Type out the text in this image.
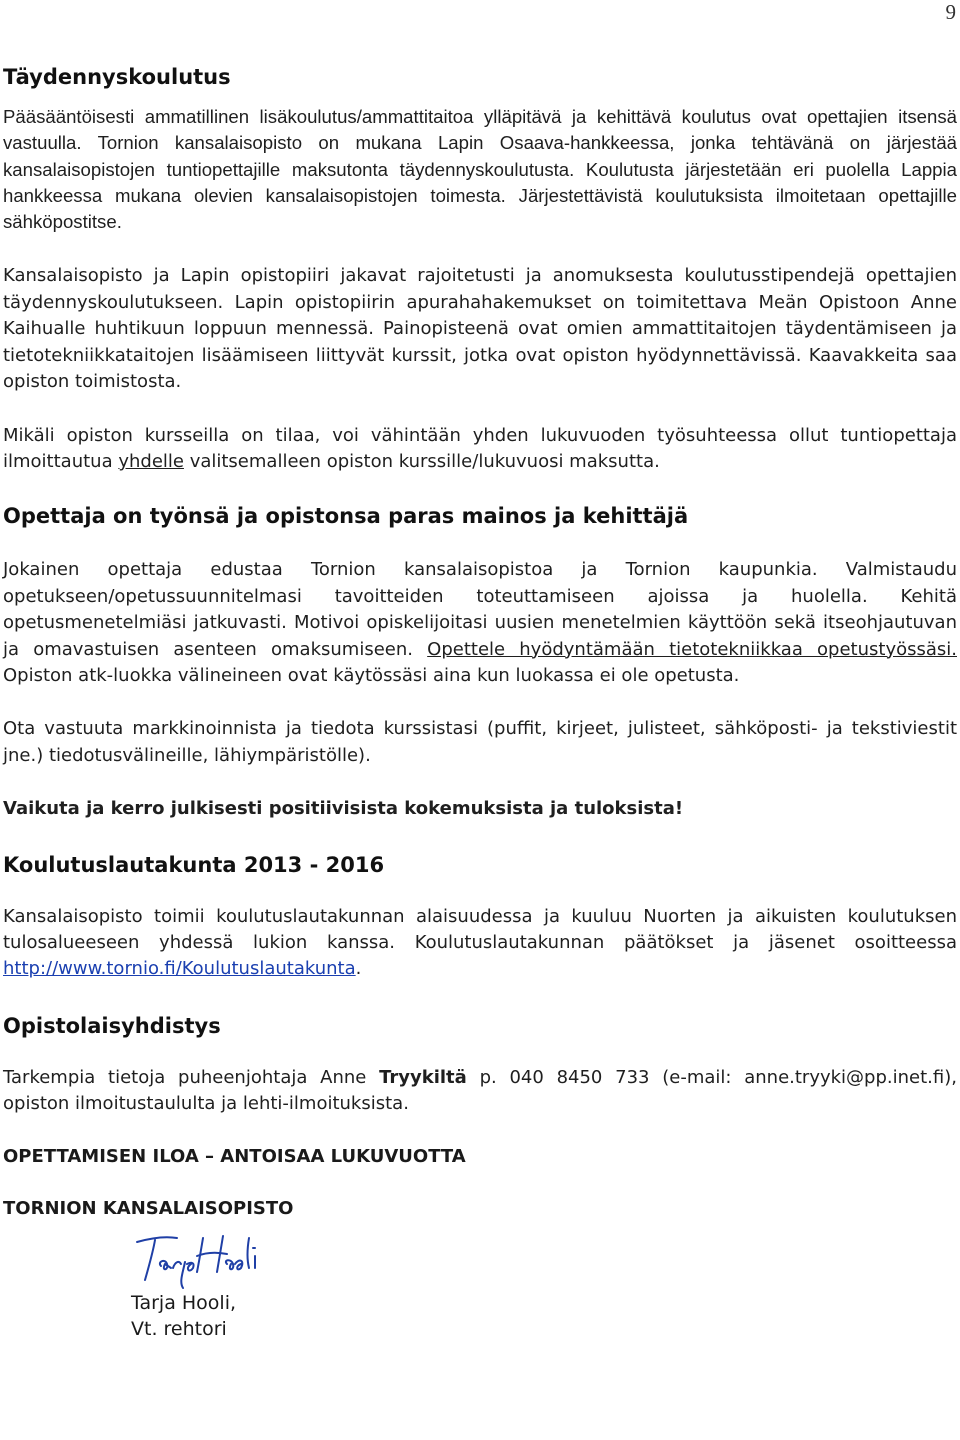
9
Täydennyskoulutus

Pääsääntöisesti ammatillinen lisäkoulutus/ammattitaitoa ylläpitävä ja kehittävä koulutus ovat opettajien itsensä vastuulla. Tornion kansalaisopisto on mukana Lapin Osaava-hankkeessa, jonka tehtävänä on järjestää kansalaisopistojen tuntiopettajille maksutonta täydennyskoulutusta. Koulutusta järjestetään eri puolella Lappia hankkeessa mukana olevien kansalaisopistojen toimesta. Järjestettävistä koulutuksista ilmoitetaan opettajille sähköpostitse.

Kansalaisopisto ja Lapin opistopiiri jakavat rajoitetusti ja anomuksesta koulutusstipendejä opettajien täydennyskoulutukseen. Lapin opistopiirin apurahahakemukset on toimitettava Meän Opistoon Anne Kaihualle huhtikuun loppuun mennessä. Painopisteenä ovat omien ammattitaitojen täydentämiseen ja tietotekniikkataitojen lisäämiseen liittyvät kurssit, jotka ovat opiston hyödynnettävissä. Kaavakkeita saa opiston toimistosta.

Mikäli opiston kursseilla on tilaa, voi vähintään yhden lukuvuoden työsuhteessa ollut tuntiopettaja ilmoittautua yhdelle valitsemalleen opiston kurssille/lukuvuosi maksutta.

Opettaja on työnsä ja opistonsa paras mainos ja kehittäjä

Jokainen opettaja edustaa Tornion kansalaisopistoa ja Tornion kaupunkia. Valmistaudu opetukseen/opetussuunnitelmasi tavoitteiden toteuttamiseen ajoissa ja huolella. Kehitä opetusmenetelmiäsi jatkuvasti. Motivoi opiskelijoitasi uusien menetelmien käyttöön sekä itseohjautuvan ja omavastuisen asenteen omaksumiseen. Opettele hyödyntämään tietotekniikkaa opetustyössäsi. Opiston atk-luokka välineineen ovat käytössäsi aina kun luokassa ei ole opetusta.

Ota vastuuta markkinoinnista ja tiedota kurssistasi (puffit, kirjeet, julisteet, sähköposti- ja tekstiviestit jne.) tiedotusvälineille, lähiympäristölle).

Vaikuta ja kerro julkisesti positiivisista kokemuksista ja tuloksista!

Koulutuslautakunta 2013 - 2016

Kansalaisopisto toimii koulutuslautakunnan alaisuudessa ja kuuluu Nuorten ja aikuisten koulutuksen tulosalueeseen yhdessä lukion kanssa. Koulutuslautakunnan päätökset ja jäsenet osoitteessa http://www.tornio.fi/Koulutuslautakunta.

Opistolaisyhdistys

Tarkempia tietoja puheenjohtaja Anne Tryykiltä p. 040 8450 733 (e-mail: anne.tryyki@pp.inet.fi), opiston ilmoitustaululta ja lehti-ilmoituksista.

OPETTAMISEN ILOA – ANTOISAA LUKUVUOTTA
TORNION KANSALAISOPISTO
Tarja Hooli,
Vt. rehtori
